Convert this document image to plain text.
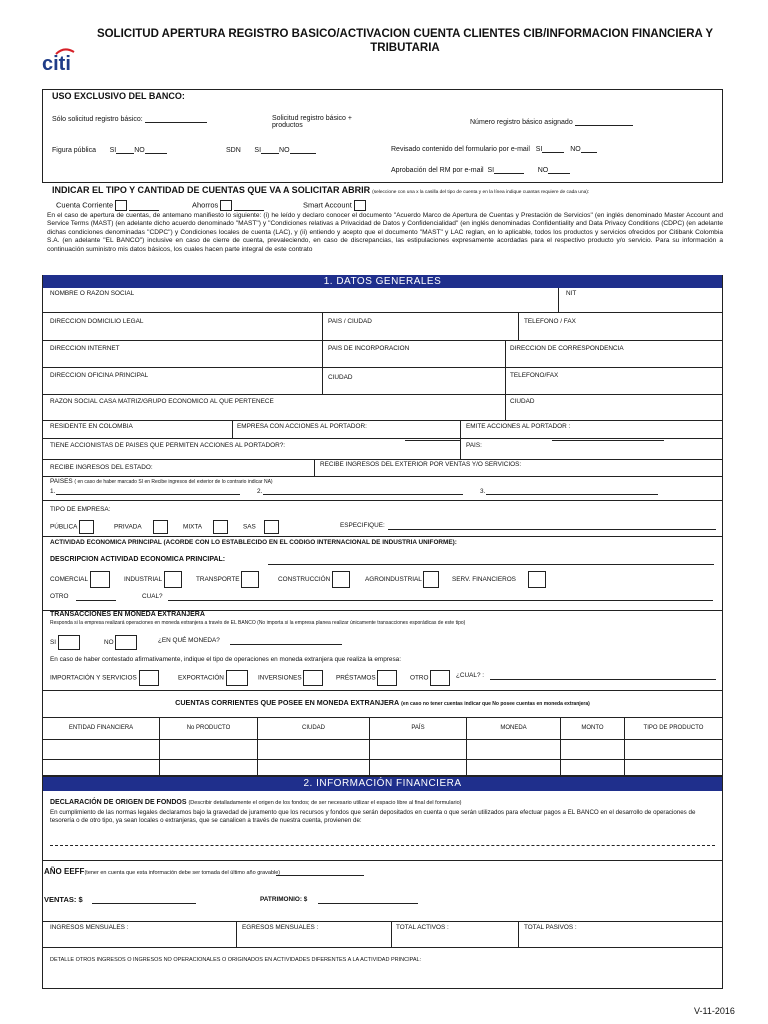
SOLICITUD APERTURA REGISTRO BASICO/ACTIVACION CUENTA CLIENTES CIB/INFORMACION FINANCIERA Y
TRIBUTARIA
citi
USO EXCLUSIVO DEL BANCO:
Sólo solicitud registro básico:	Solicitud registro básico +
productos	Número registro básico asignado
Figura pública SI	NO	SDN SI	NO	Revisado contenido del formulario por e-mail SI	NO
Aprobación del RM por e-mail SI	NO
INDICAR EL TIPO Y CANTIDAD DE CUENTAS QUE VA A SOLICITAR ABRIR (seleccione con una x la casilla del tipo de cuenta y en la línea indique cuantas requiere de cada una):
Cuenta Corriente	Ahorros	Smart Account
En el caso de apertura de cuentas, de antemano manifiesto lo siguiente: (i) he leído y declaro conocer el documento "Acuerdo Marco de Apertura de Cuentas y Prestación de Servicios" (en inglés denominado Master Account and Service Terms (MAST) (en adelante dicho acuerdo denominado "MAST") y "Condiciones relativas a Privacidad de Datos y Confidencialidad" (en inglés denominadas Confidentiality and Data Privacy Conditions (CDPC) (en adelante dichas condiciones denominadas "CDPC") y Condiciones locales de cuenta (LAC), y (ii) entiendo y acepto que el documento "MAST" y LAC reglan, en lo aplicable, todos los productos y servicios ofrecidos por Citibank Colombia S.A. (en adelante "EL BANCO") inclusive en caso de cierre de cuenta, prevaleciendo, en caso de discrepancias, las estipulaciones expresamente acordadas para el respectivo producto y/o servicio. Para su información a continuación suministro mis datos básicos, los cuales hacen parte integral de este contrato
1. DATOS GENERALES
NOMBRE O RAZON SOCIAL	NIT
DIRECCION DOMICILIO LEGAL	PAIS / CIUDAD	TELEFONO / FAX
DIRECCION INTERNET	PAIS DE INCORPORACION	DIRECCION DE CORRESPONDENCIA
DIRECCION OFICINA PRINCIPAL	CIUDAD	TELEFONO/FAX
RAZON SOCIAL CASA MATRIZ/GRUPO ECONOMICO AL QUE PERTENECE	CIUDAD
RESIDENTE EN COLOMBIA	EMPRESA CON ACCIONES AL PORTADOR:	EMITE ACCIONES AL PORTADOR :
TIENE ACCIONISTAS DE PAISES QUE PERMITEN ACCIONES AL PORTADOR?:	PAIS:
RECIBE INGRESOS DEL ESTADO:	RECIBE INGRESOS DEL EXTERIOR POR VENTAS Y/O SERVICIOS:
PAISES ( en caso de haber marcado SI en Recibe ingresos del exterior de lo contrario indicar NA)
1.	2.	3.
TIPO DE EMPRESA:
PÚBLICA	PRIVADA	MIXTA	SAS	ESPECIFIQUE:
ACTIVIDAD ECONOMICA PRINCIPAL (ACORDE CON LO ESTABLECIDO EN EL CODIGO INTERNACIONAL DE INDUSTRIA UNIFORME):
DESCRIPCION ACTIVIDAD ECONOMICA PRINCIPAL:
COMERCIAL	INDUSTRIAL	TRANSPORTE	CONSTRUCCIÓN	AGROINDUSTRIAL	SERV. FINANCIEROS
OTRO	CUAL?
TRANSACCIONES EN MONEDA EXTRANJERA
Responda si la empresa realizará operaciones en moneda extranjera a través de EL BANCO (No importa si la empresa planea realizar únicamente transacciones esporádicas de este tipo)
SI	NO	¿EN QUÉ MONEDA?
En caso de haber contestado afirmativamente, indique el tipo de operaciones en moneda extranjera que realiza la empresa:
IMPORTACIÓN Y SERVICIOS	EXPORTACIÓN	INVERSIONES	PRÉSTAMOS	OTRO	¿CUAL? :
CUENTAS CORRIENTES QUE POSEE EN MONEDA EXTRANJERA (en caso no tener cuentas indicar que No posee cuentas en moneda extranjera)
ENTIDAD FINANCIERA	No PRODUCTO	CIUDAD	PAÍS	MONEDA	MONTO	TIPO DE PRODUCTO
2. INFORMACIÓN FINANCIERA
DECLARACIÓN DE ORIGEN DE FONDOS (Describir detalladamente el origen de los fondos; de ser necesario utilizar el espacio libre al final del formulario)
En cumplimiento de las normas legales declaramos bajo la gravedad de juramento que los recursos y fondos que serán depositados en cuenta o que serán utilizados para efectuar pagos a EL BANCO en el desarrollo de operaciones de tesorería o de otro tipo, ya sean locales o extranjeras, que se canalicen a través de nuestra cuenta, provienen de:
AÑO EEFF(tener en cuenta que esta información debe ser tomada del último año gravable)
VENTAS: $	PATRIMONIO: $
INGRESOS MENSUALES :	EGRESOS MENSUALES :	TOTAL ACTIVOS :	TOTAL PASIVOS :
DETALLE OTROS INGRESOS O INGRESOS NO OPERACIONALES O ORIGINADOS EN ACTIVIDADES DIFERENTES A LA ACTIVIDAD PRINCIPAL:
V-11-2016
